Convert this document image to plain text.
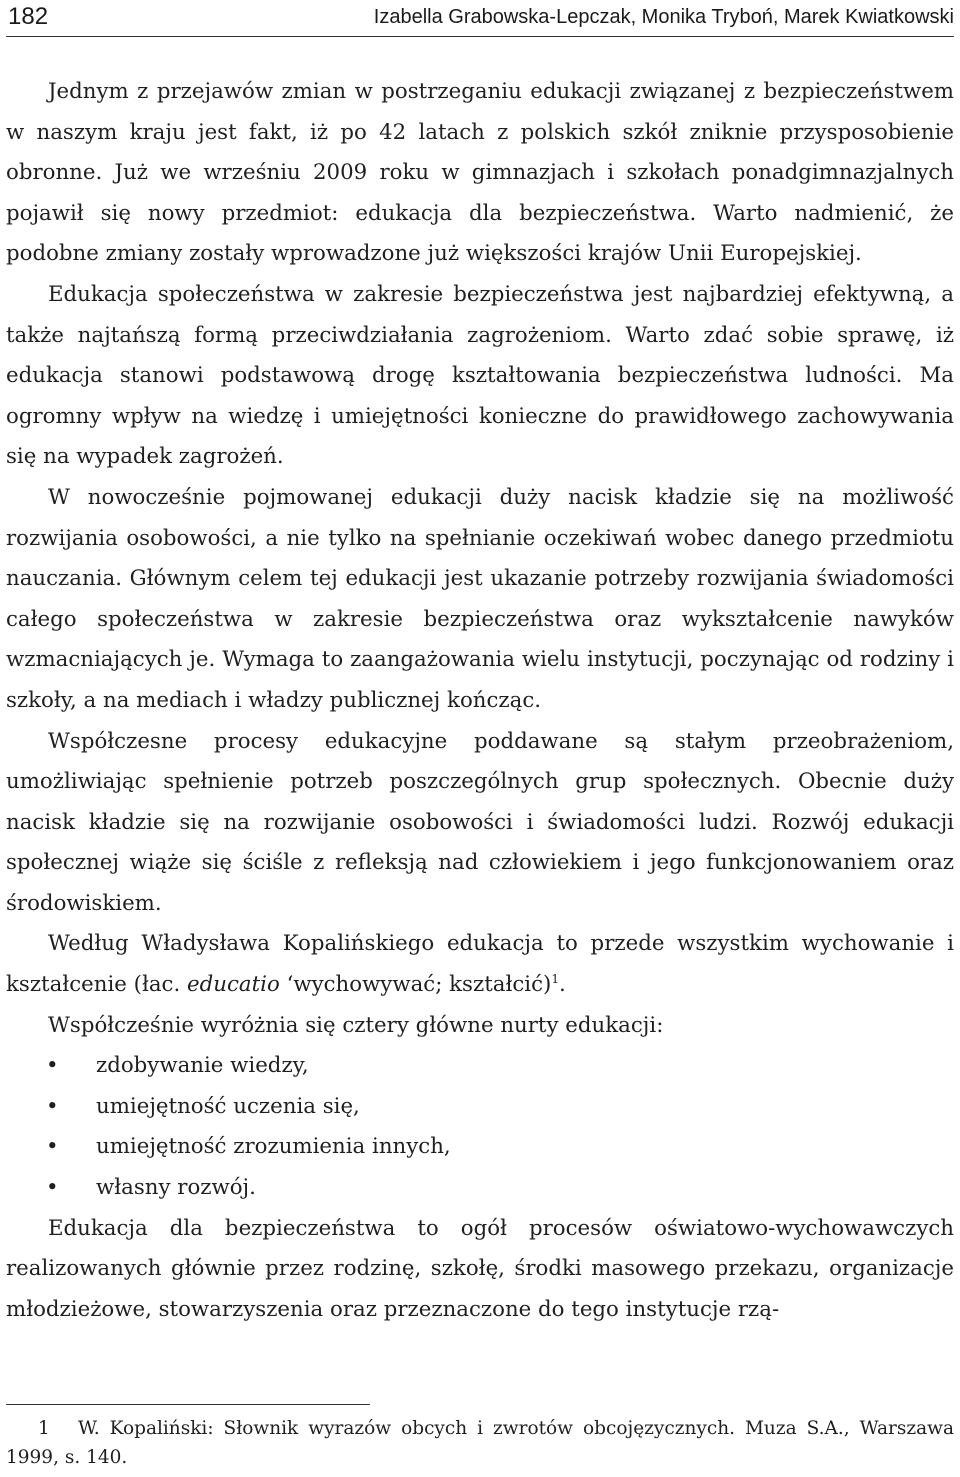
182	Izabella Grabowska-Lepczak, Monika Tryboń, Marek Kwiatkowski

Jednym z przejawów zmian w postrzeganiu edukacji związanej z bezpieczeństwem w naszym kraju jest fakt, iż po 42 latach z polskich szkół zniknie przysposobienie obronne. Już we wrześniu 2009 roku w gimnazjach i szkołach ponadgimnazjalnych pojawił się nowy przedmiot: edukacja dla bezpieczeństwa. Warto nadmienić, że podobne zmiany zostały wprowadzone już większości krajów Unii Europejskiej.

Edukacja społeczeństwa w zakresie bezpieczeństwa jest najbardziej efektywną, a także najtańszą formą przeciwdziałania zagrożeniom. Warto zdać sobie sprawę, iż edukacja stanowi podstawową drogę kształtowania bezpieczeństwa ludności. Ma ogromny wpływ na wiedzę i umiejętności konieczne do prawidłowego zachowywania się na wypadek zagrożeń.

W nowocześnie pojmowanej edukacji duży nacisk kładzie się na możliwość rozwijania osobowości, a nie tylko na spełnianie oczekiwań wobec danego przedmiotu nauczania. Głównym celem tej edukacji jest ukazanie potrzeby rozwijania świadomości całego społeczeństwa w zakresie bezpieczeństwa oraz wykształcenie nawyków wzmacniających je. Wymaga to zaangażowania wielu instytucji, poczynając od rodziny i szkoły, a na mediach i władzy publicznej kończąc.

Współczesne procesy edukacyjne poddawane są stałym przeobrażeniom, umożliwiając spełnienie potrzeb poszczególnych grup społecznych. Obecnie duży nacisk kładzie się na rozwijanie osobowości i świadomości ludzi. Rozwój edukacji społecznej wiąże się ściśle z refleksją nad człowiekiem i jego funkcjonowaniem oraz środowiskiem.

Według Władysława Kopalińskiego edukacja to przede wszystkim wychowanie i kształcenie (łac. educatio ‘wychowywać; kształcić)$^1$.

Współcześnie wyróżnia się cztery główne nurty edukacji:

• zdobywanie wiedzy,
• umiejętność uczenia się,
• umiejętność zrozumienia innych,
• własny rozwój.

Edukacja dla bezpieczeństwa to ogół procesów oświatowo-wychowawczych realizowanych głównie przez rodzinę, szkołę, środki masowego przekazu, organizacje młodzieżowe, stowarzyszenia oraz przeznaczone do tego instytucje rzą-

1 W. Kopaliński: Słownik wyrazów obcych i zwrotów obcojęzycznych. Muza S.A., Warszawa 1999, s. 140.
